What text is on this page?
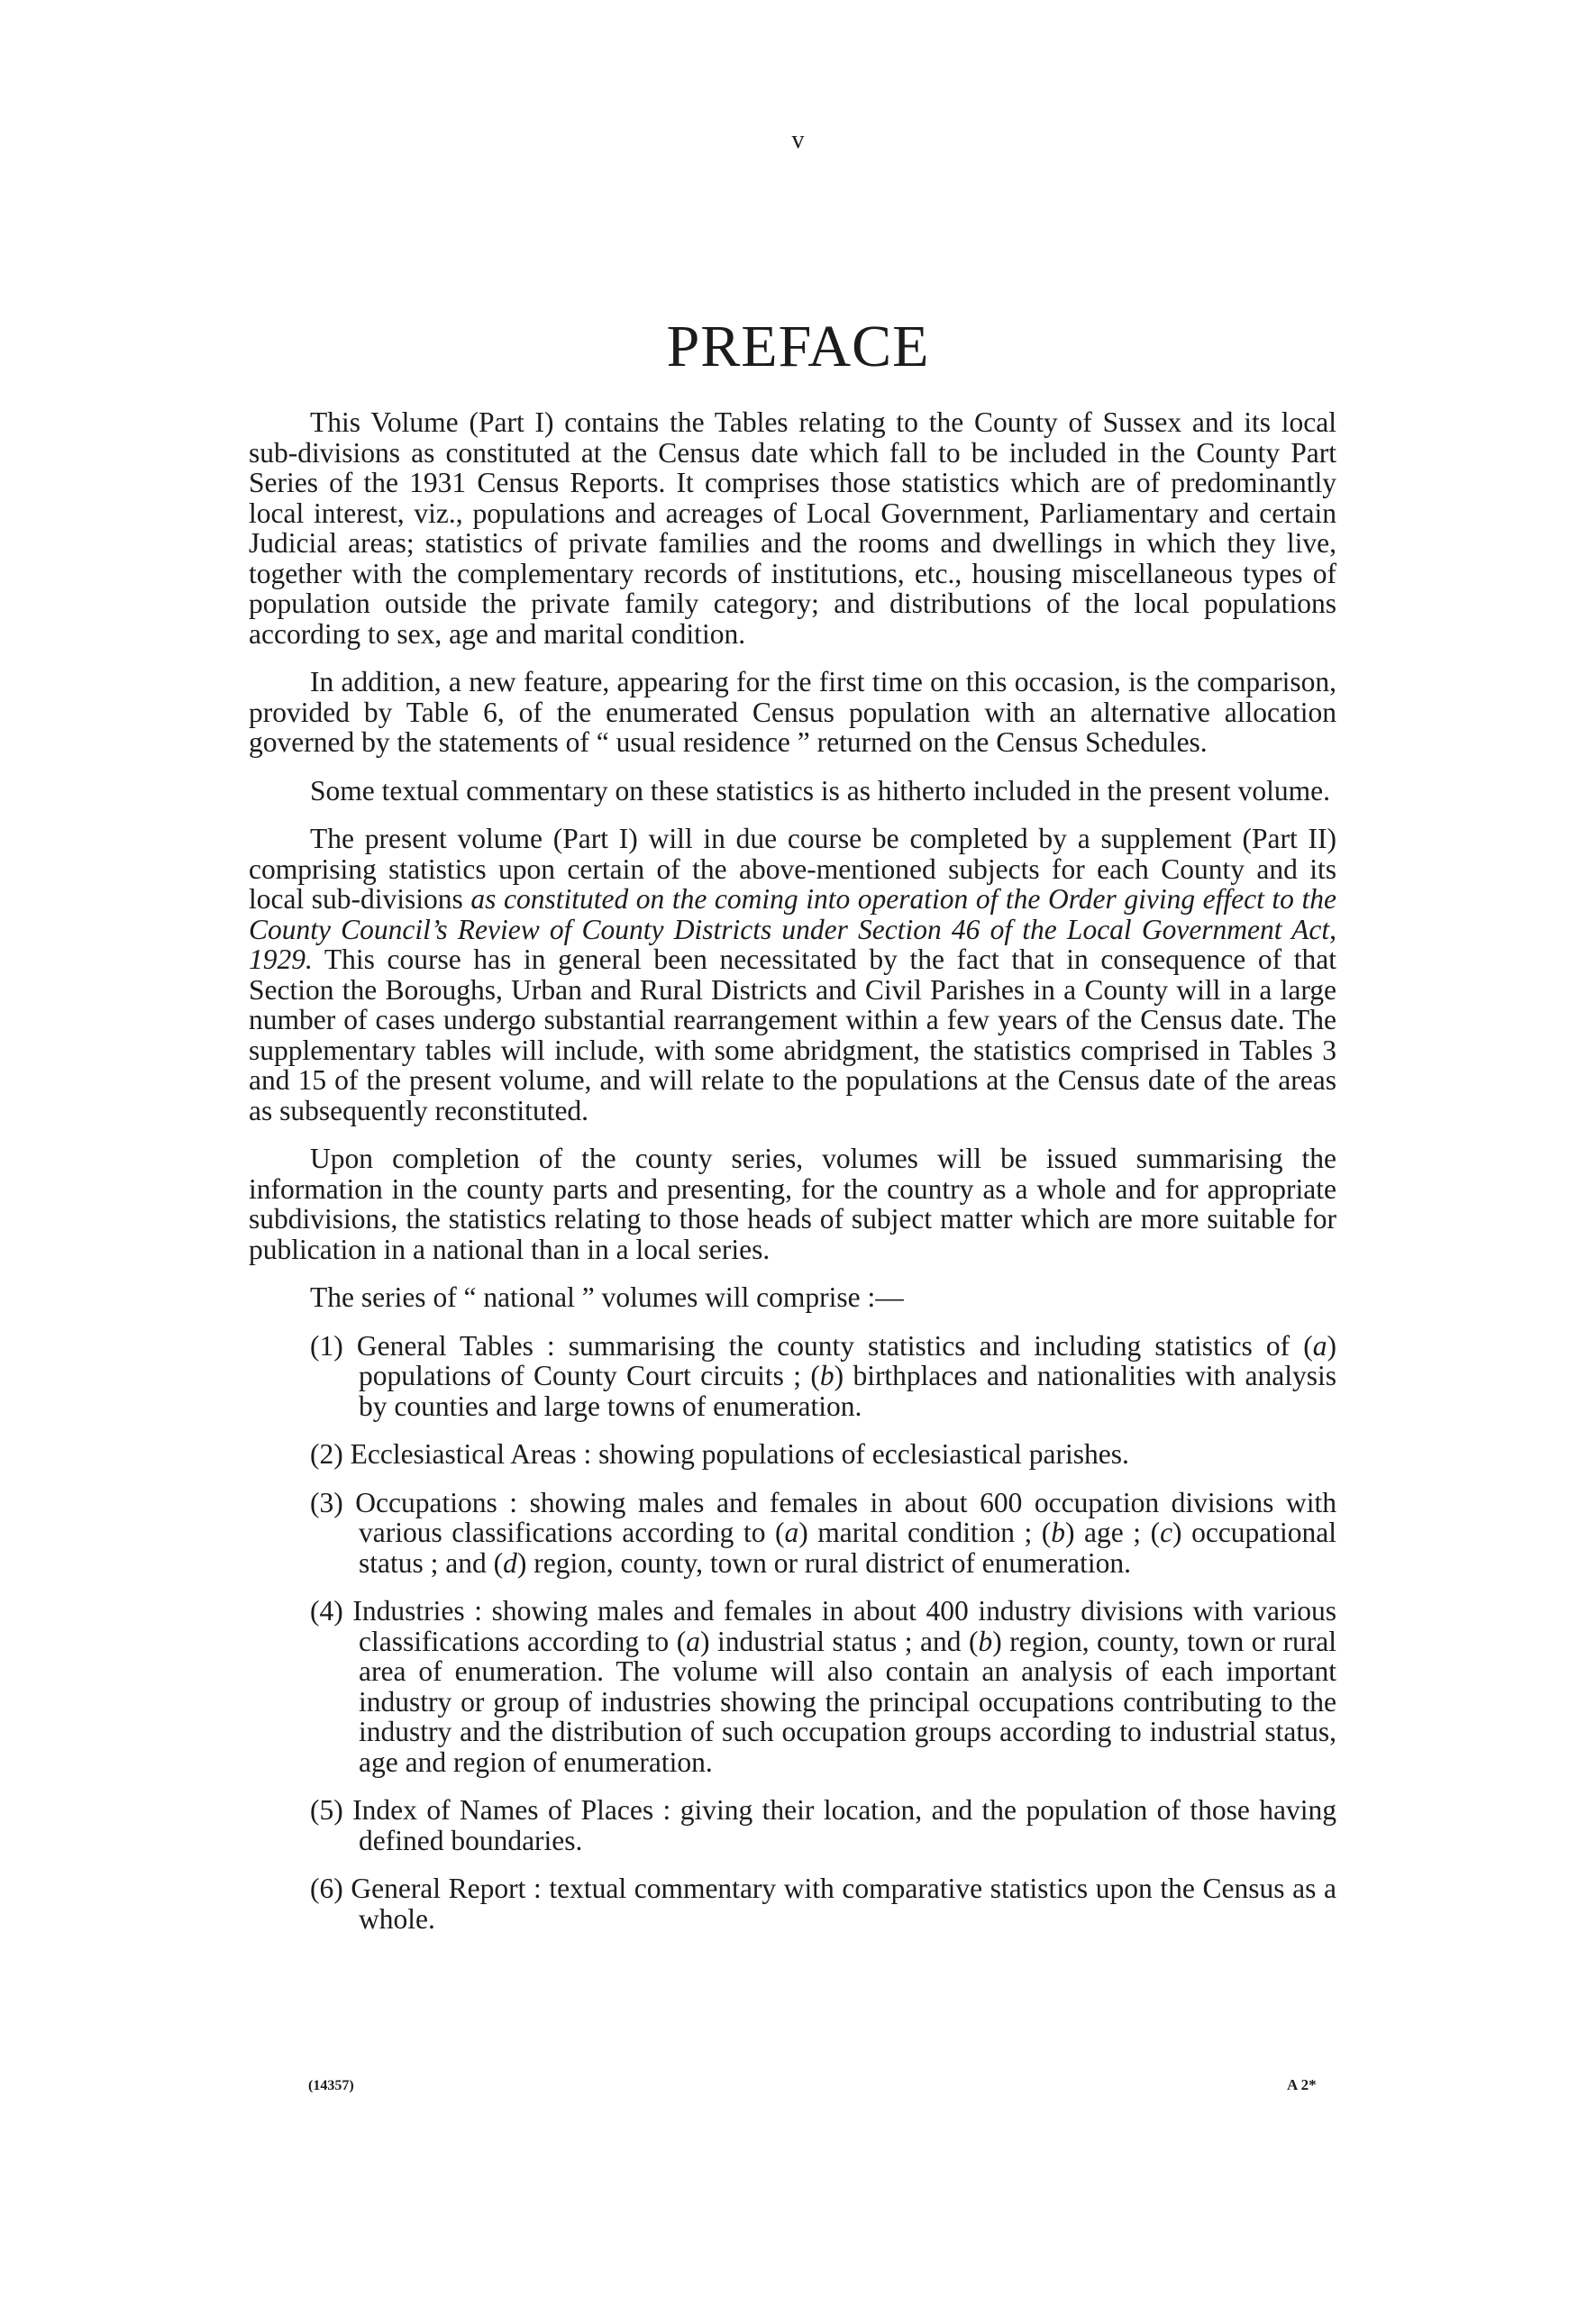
v

PREFACE

This Volume (Part I) contains the Tables relating to the County of Sussex and its local sub-divisions as constituted at the Census date which fall to be included in the County Part Series of the 1931 Census Reports. It comprises those statistics which are of predominantly local interest, viz., populations and acreages of Local Government, Parliamentary and certain Judicial areas; statistics of private families and the rooms and dwellings in which they live, together with the complementary records of institutions, etc., housing miscellaneous types of population outside the private family category; and distributions of the local populations according to sex, age and marital condition.

In addition, a new feature, appearing for the first time on this occasion, is the comparison, provided by Table 6, of the enumerated Census population with an alternative allocation governed by the statements of “ usual residence ” returned on the Census Schedules.

Some textual commentary on these statistics is as hitherto included in the present volume.

The present volume (Part I) will in due course be completed by a supplement (Part II) comprising statistics upon certain of the above-mentioned subjects for each County and its local sub-divisions as constituted on the coming into operation of the Order giving effect to the County Council’s Review of County Districts under Section 46 of the Local Government Act, 1929. This course has in general been necessitated by the fact that in consequence of that Section the Boroughs, Urban and Rural Districts and Civil Parishes in a County will in a large number of cases undergo substantial rearrangement within a few years of the Census date. The supplementary tables will include, with some abridgment, the statistics comprised in Tables 3 and 15 of the present volume, and will relate to the populations at the Census date of the areas as subsequently reconstituted.

Upon completion of the county series, volumes will be issued summarising the information in the county parts and presenting, for the country as a whole and for appropriate subdivisions, the statistics relating to those heads of subject matter which are more suitable for publication in a national than in a local series.

The series of “ national ” volumes will comprise :—

(1) General Tables : summarising the county statistics and including statistics of (a) populations of County Court circuits ; (b) birthplaces and nationalities with analysis by counties and large towns of enumeration.

(2) Ecclesiastical Areas : showing populations of ecclesiastical parishes.

(3) Occupations : showing males and females in about 600 occupation divisions with various classifications according to (a) marital condition ; (b) age ; (c) occupational status ; and (d) region, county, town or rural district of enumeration.

(4) Industries : showing males and females in about 400 industry divisions with various classifications according to (a) industrial status ; and (b) region, county, town or rural area of enumeration. The volume will also contain an analysis of each important industry or group of industries showing the principal occupations contributing to the industry and the distribution of such occupation groups according to industrial status, age and region of enumeration.

(5) Index of Names of Places : giving their location, and the population of those having defined boundaries.

(6) General Report : textual commentary with comparative statistics upon the Census as a whole.

(14357)	A 2*
